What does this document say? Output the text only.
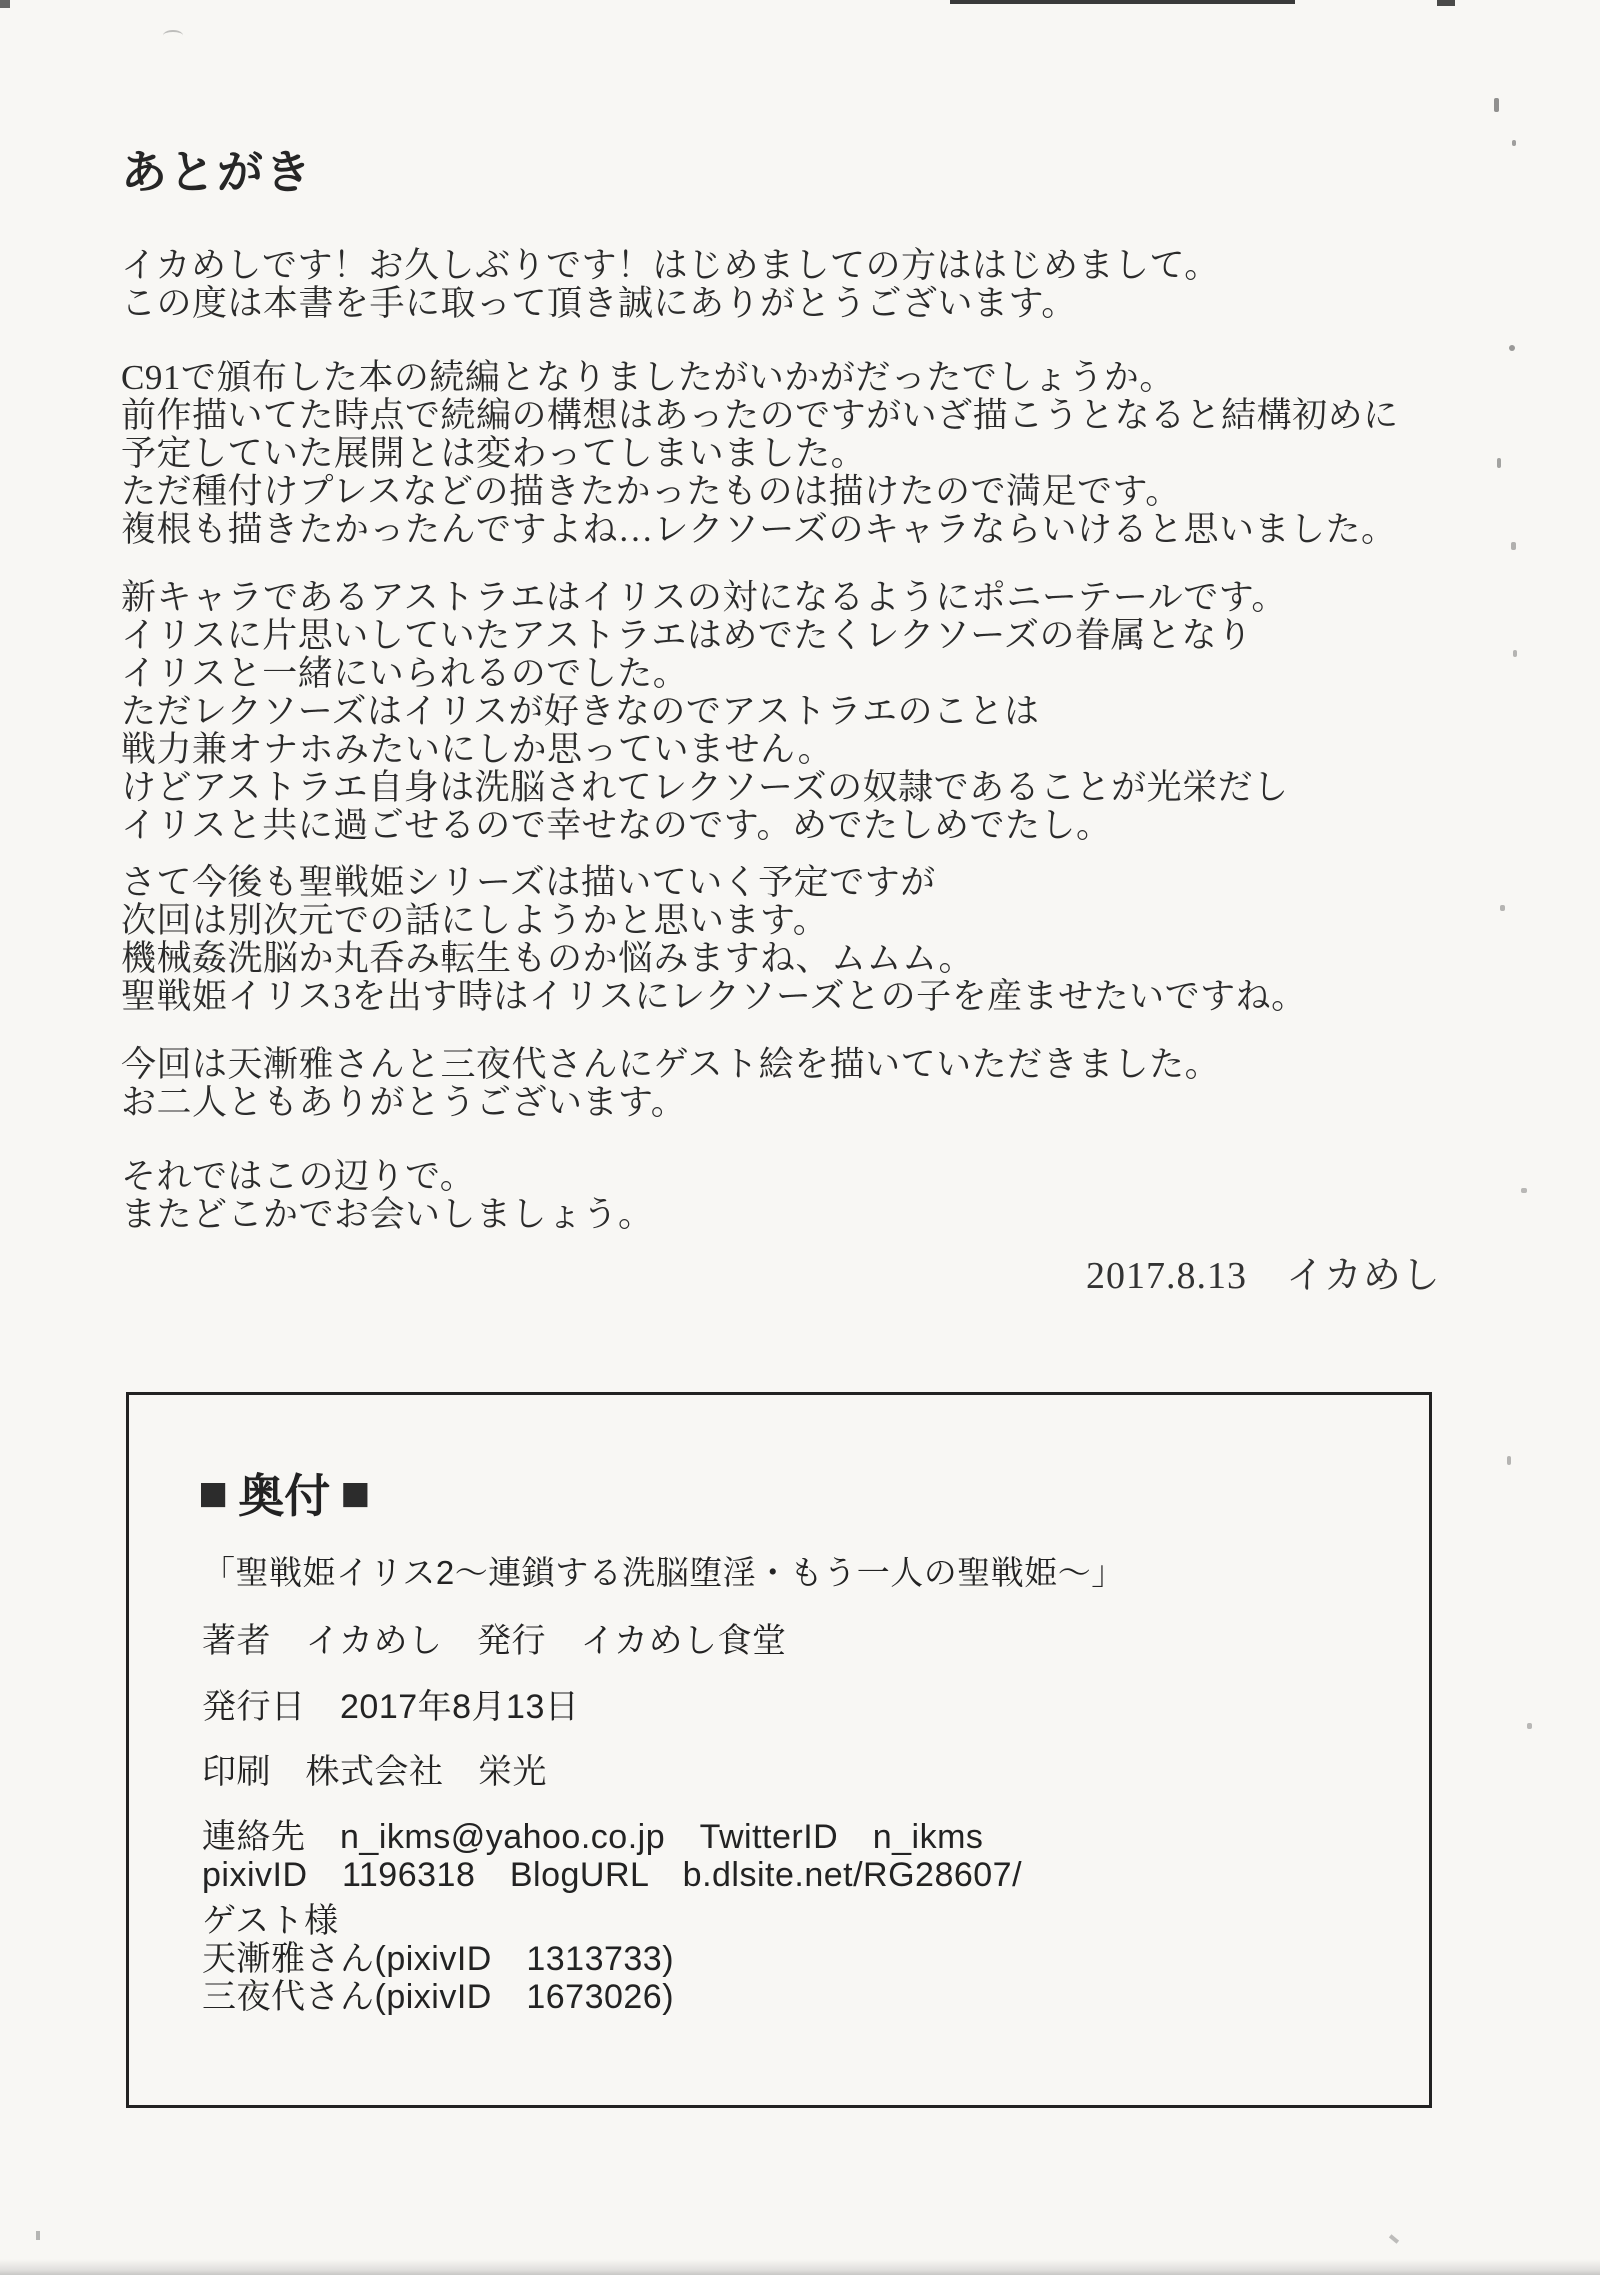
あとがき
イカめしです！お久しぶりです！はじめましての方ははじめまして。
この度は本書を手に取って頂き誠にありがとうございます。
C91で頒布した本の続編となりましたがいかがだったでしょうか。
前作描いてた時点で続編の構想はあったのですがいざ描こうとなると結構初めに
予定していた展開とは変わってしまいました。
ただ種付けプレスなどの描きたかったものは描けたので満足です。
複根も描きたかったんですよね…レクソーズのキャラならいけると思いました。
新キャラであるアストラエはイリスの対になるようにポニーテールです。
イリスに片思いしていたアストラエはめでたくレクソーズの眷属となり
イリスと一緒にいられるのでした。
ただレクソーズはイリスが好きなのでアストラエのことは
戦力兼オナホみたいにしか思っていません。
けどアストラエ自身は洗脳されてレクソーズの奴隷であることが光栄だし
イリスと共に過ごせるので幸せなのです。めでたしめでたし。
さて今後も聖戦姫シリーズは描いていく予定ですが
次回は別次元での話にしようかと思います。
機械姦洗脳か丸呑み転生ものか悩みますね、ムムム。
聖戦姫イリス3を出す時はイリスにレクソーズとの子を産ませたいですね。
今回は天漸雅さんと三夜代さんにゲスト絵を描いていただきました。
お二人ともありがとうございます。
それではこの辺りで。
またどこかでお会いしましょう。
2017.8.13　イカめし
■ 奥付 ■
「聖戦姫イリス2～連鎖する洗脳堕淫・もう一人の聖戦姫～」
著者　イカめし　発行　イカめし食堂
発行日　2017年8月13日
印刷　株式会社　栄光
連絡先　n_ikms@yahoo.co.jp　TwitterID　n_ikms
pixivID　1196318　BlogURL　b.dlsite.net/RG28607/
ゲスト様
天漸雅さん(pixivID　1313733)
三夜代さん(pixivID　1673026)
